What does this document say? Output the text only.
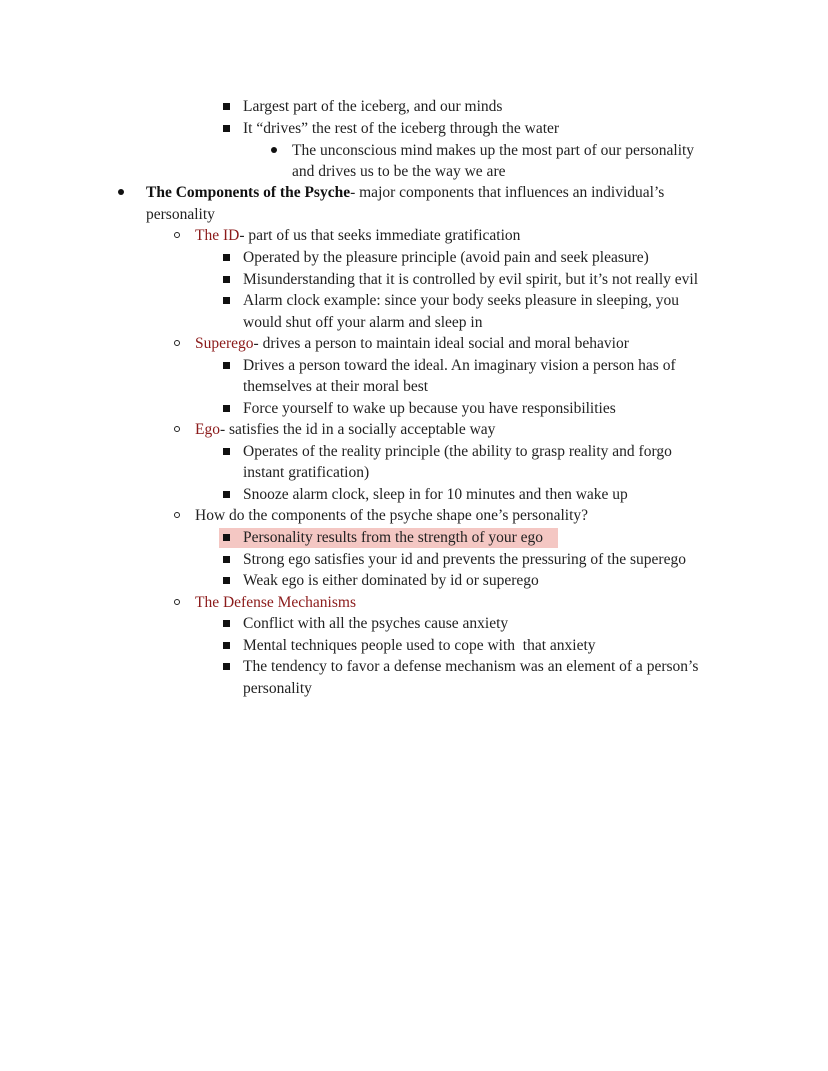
Largest part of the iceberg, and our minds
It “drives” the rest of the iceberg through the water
The unconscious mind makes up the most part of our personality
and drives us to be the way we are
The Components of the Psyche- major components that influences an individual’s
personality
The ID- part of us that seeks immediate gratification
Operated by the pleasure principle (avoid pain and seek pleasure)
Misunderstanding that it is controlled by evil spirit, but it’s not really evil
Alarm clock example: since your body seeks pleasure in sleeping, you
would shut off your alarm and sleep in
Superego- drives a person to maintain ideal social and moral behavior
Drives a person toward the ideal. An imaginary vision a person has of
themselves at their moral best
Force yourself to wake up because you have responsibilities
Ego- satisfies the id in a socially acceptable way
Operates of the reality principle (the ability to grasp reality and forgo
instant gratification)
Snooze alarm clock, sleep in for 10 minutes and then wake up
How do the components of the psyche shape one’s personality?
Personality results from the strength of your ego
Strong ego satisfies your id and prevents the pressuring of the superego
Weak ego is either dominated by id or superego
The Defense Mechanisms
Conflict with all the psyches cause anxiety
Mental techniques people used to cope with  that anxiety
The tendency to favor a defense mechanism was an element of a person’s
personality
